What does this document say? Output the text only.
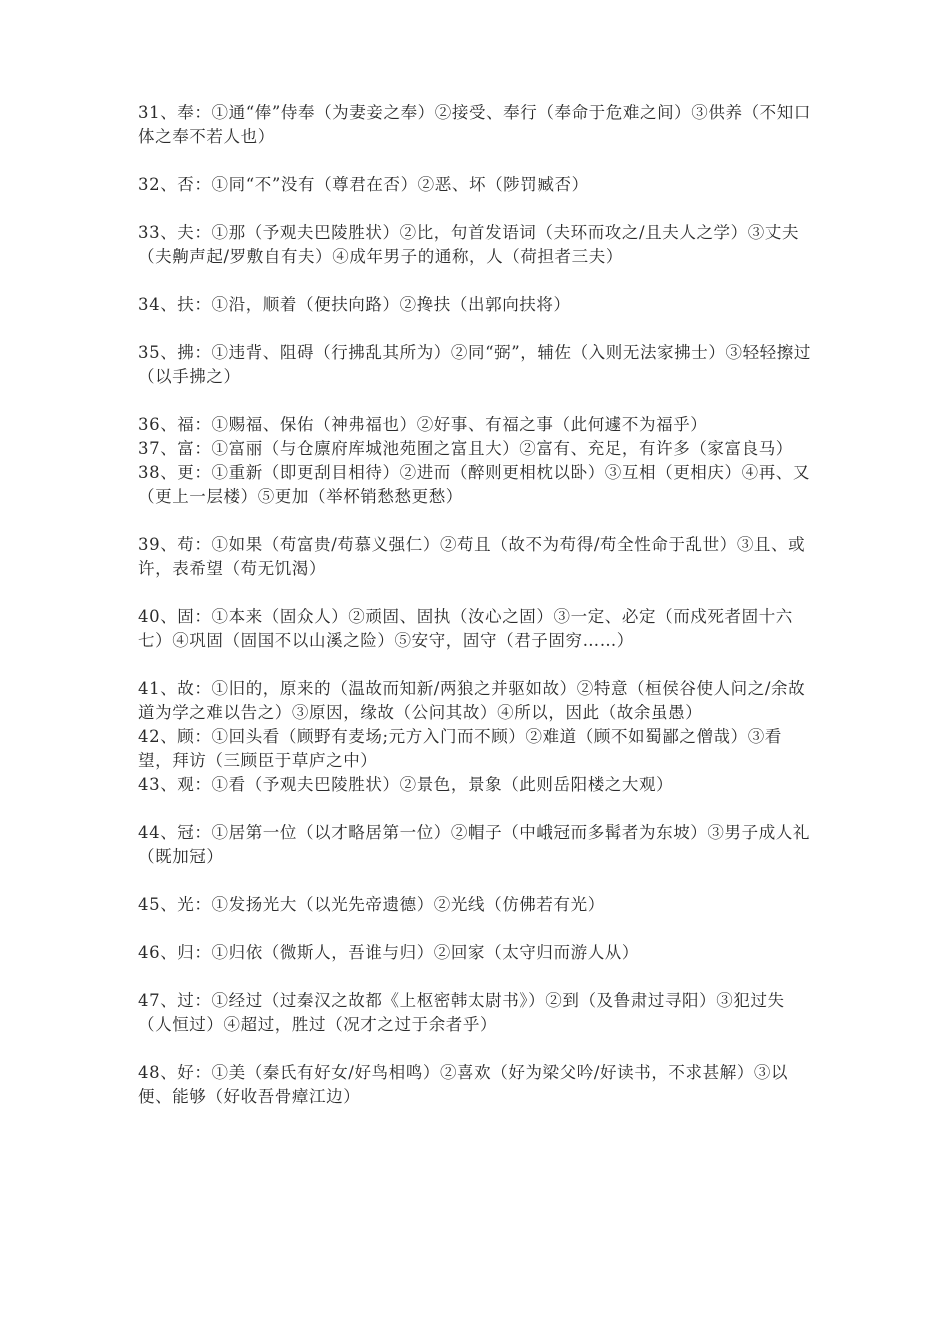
31、奉：①通“俸”侍奉（为妻妾之奉）②接受、奉行（奉命于危难之间）③供养（不知口体之奉不若人也）

32、否：①同“不”没有（尊君在否）②恶、坏（陟罚臧否）

33、夫：①那（予观夫巴陵胜状）②比，句首发语词（夫环而攻之/且夫人之学）③丈夫（夫齁声起/罗敷自有夫）④成年男子的通称，人（荷担者三夫）

34、扶：①沿，顺着（便扶向路）②搀扶（出郭向扶将）

35、拂：①违背、阻碍（行拂乱其所为）②同“弼”，辅佐（入则无法家拂士）③轻轻擦过（以手拂之）

36、福：①赐福、保佑（神弗福也）②好事、有福之事（此何遽不为福乎）

37、富：①富丽（与仓廪府库城池苑囿之富且大）②富有、充足，有许多（家富良马）

38、更：①重新（即更刮目相待）②进而（醉则更相枕以卧）③互相（更相庆）④再、又（更上一层楼）⑤更加（举杯销愁愁更愁）

39、苟：①如果（苟富贵/苟慕义强仁）②苟且（故不为苟得/苟全性命于乱世）③且、或许，表希望（苟无饥渴）

40、固：①本来（固众人）②顽固、固执（汝心之固）③一定、必定（而戍死者固十六七）④巩固（固国不以山溪之险）⑤安守，固守（君子固穷……）

41、故：①旧的，原来的（温故而知新/两狼之并驱如故）②特意（桓侯谷使人问之/余故道为学之难以告之）③原因，缘故（公问其故）④所以，因此（故余虽愚）

42、顾：①回头看（顾野有麦场;元方入门而不顾）②难道（顾不如蜀鄙之僧哉）③看望，拜访（三顾臣于草庐之中）

43、观：①看（予观夫巴陵胜状）②景色，景象（此则岳阳楼之大观）

44、冠：①居第一位（以才略居第一位）②帽子（中峨冠而多髯者为东坡）③男子成人礼（既加冠）

45、光：①发扬光大（以光先帝遗德）②光线（仿佛若有光）

46、归：①归依（微斯人，吾谁与归）②回家（太守归而游人从）

47、过：①经过（过秦汉之故都《上枢密韩太尉书》）②到（及鲁肃过寻阳）③犯过失（人恒过）④超过，胜过（况才之过于余者乎）

48、好：①美（秦氏有好女/好鸟相鸣）②喜欢（好为梁父吟/好读书，不求甚解）③以便、能够（好收吾骨瘴江边）
